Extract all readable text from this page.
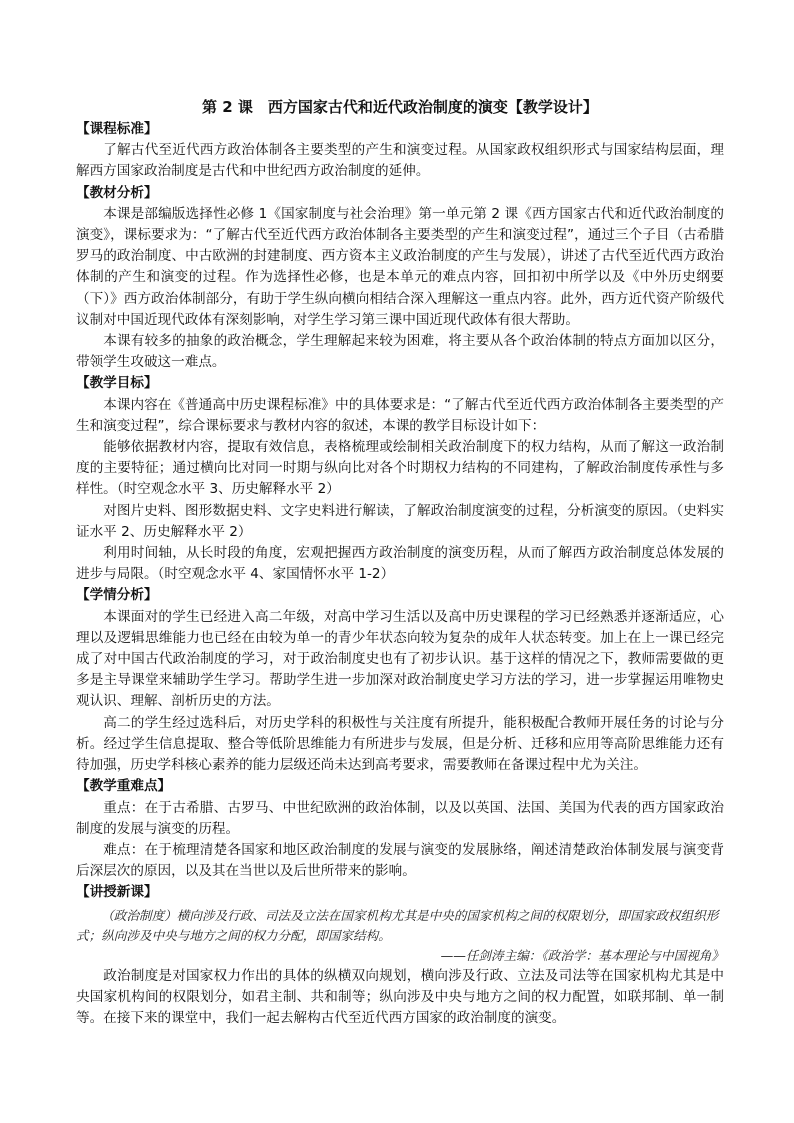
第 2 课　西方国家古代和近代政治制度的演变【教学设计】

【课程标准】

了解古代至近代西方政治体制各主要类型的产生和演变过程。从国家政权组织形式与国家结构层面，理解西方国家政治制度是古代和中世纪西方政治制度的延伸。

【教材分析】

本课是部编版选择性必修 1《国家制度与社会治理》第一单元第 2 课《西方国家古代和近代政治制度的演变》，课标要求为：“了解古代至近代西方政治体制各主要类型的产生和演变过程”，通过三个子目（古希腊罗马的政治制度、中古欧洲的封建制度、西方资本主义政治制度的产生与发展），讲述了古代至近代西方政治体制的产生和演变的过程。作为选择性必修，也是本单元的难点内容，回扣初中所学以及《中外历史纲要（下）》西方政治体制部分，有助于学生纵向横向相结合深入理解这一重点内容。此外，西方近代资产阶级代议制对中国近现代政体有深刻影响，对学生学习第三课中国近现代政体有很大帮助。

本课有较多的抽象的政治概念，学生理解起来较为困难，将主要从各个政治体制的特点方面加以区分，带领学生攻破这一难点。

【教学目标】

本课内容在《普通高中历史课程标准》中的具体要求是：“了解古代至近代西方政治体制各主要类型的产生和演变过程”，综合课标要求与教材内容的叙述，本课的教学目标设计如下：

能够依据教材内容，提取有效信息，表格梳理或绘制相关政治制度下的权力结构，从而了解这一政治制度的主要特征；通过横向比对同一时期与纵向比对各个时期权力结构的不同建构，了解政治制度传承性与多样性。（时空观念水平 3、历史解释水平 2）

对图片史料、图形数据史料、文字史料进行解读，了解政治制度演变的过程，分析演变的原因。（史料实证水平 2、历史解释水平 2）

利用时间轴，从长时段的角度，宏观把握西方政治制度的演变历程，从而了解西方政治制度总体发展的进步与局限。（时空观念水平 4、家国情怀水平 1-2）

【学情分析】

本课面对的学生已经进入高二年级，对高中学习生活以及高中历史课程的学习已经熟悉并逐渐适应，心理以及逻辑思维能力也已经在由较为单一的青少年状态向较为复杂的成年人状态转变。加上在上一课已经完成了对中国古代政治制度的学习，对于政治制度史也有了初步认识。基于这样的情况之下，教师需要做的更多是主导课堂来辅助学生学习。帮助学生进一步加深对政治制度史学习方法的学习，进一步掌握运用唯物史观认识、理解、剖析历史的方法。

高二的学生经过选科后，对历史学科的积极性与关注度有所提升，能积极配合教师开展任务的讨论与分析。经过学生信息提取、整合等低阶思维能力有所进步与发展，但是分析、迁移和应用等高阶思维能力还有待加强，历史学科核心素养的能力层级还尚未达到高考要求，需要教师在备课过程中尤为关注。

【教学重难点】

重点：在于古希腊、古罗马、中世纪欧洲的政治体制，以及以英国、法国、美国为代表的西方国家政治制度的发展与演变的历程。

难点：在于梳理清楚各国家和地区政治制度的发展与演变的发展脉络，阐述清楚政治体制发展与演变背后深层次的原因，以及其在当世以及后世所带来的影响。

【讲授新课】

（政治制度）横向涉及行政、司法及立法在国家机构尤其是中央的国家机构之间的权限划分，即国家政权组织形式；纵向涉及中央与地方之间的权力分配，即国家结构。

——任剑涛主编：《政治学：基本理论与中国视角》

政治制度是对国家权力作出的具体的纵横双向规划，横向涉及行政、立法及司法等在国家机构尤其是中央国家机构间的权限划分，如君主制、共和制等；纵向涉及中央与地方之间的权力配置，如联邦制、单一制等。在接下来的课堂中，我们一起去解构古代至近代西方国家的政治制度的演变。
